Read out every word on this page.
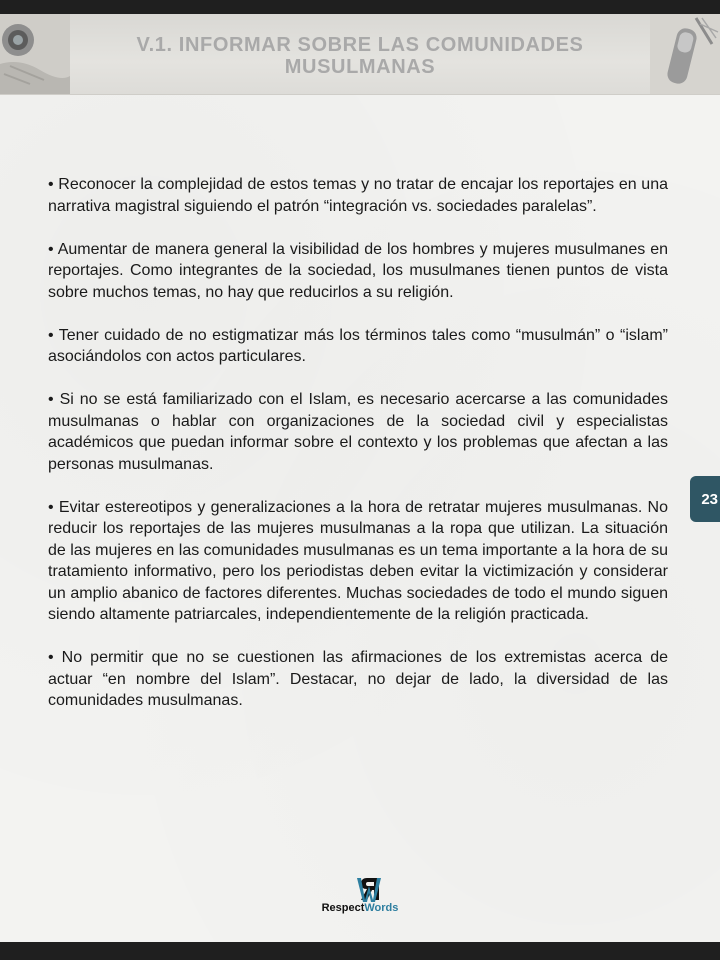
V.1. INFORMAR SOBRE LAS COMUNIDADES
MUSULMANAS

• Reconocer la complejidad de estos temas y no tratar de encajar los reportajes en una narrativa magistral siguiendo el patrón “integración vs. sociedades paralelas”.

• Aumentar de manera general la visibilidad de los hombres y mujeres musulmanes en reportajes. Como integrantes de la sociedad, los musulmanes tienen puntos de vista sobre muchos temas, no hay que reducirlos a su religión.

• Tener cuidado de no estigmatizar más los términos tales como “musulmán” o “islam” asociándolos con actos particulares.

• Si no se está familiarizado con el Islam, es necesario acercarse a las comunidades musulmanas o hablar con organizaciones de la sociedad civil y especialistas académicos que puedan informar sobre el contexto y los problemas que afectan a las personas musulmanas.

• Evitar estereotipos y generalizaciones a la hora de retratar mujeres musulmanas. No reducir los reportajes de las mujeres musulmanas a la ropa que utilizan. La situación de las mujeres en las comunidades musulmanas es un tema importante a la hora de su tratamiento informativo, pero los periodistas deben evitar la victimización y considerar un amplio abanico de factores diferentes. Muchas sociedades de todo el mundo siguen siendo altamente patriarcales, independientemente de la religión practicada.

• No permitir que no se cuestionen las afirmaciones de los extremistas acerca de actuar “en nombre del Islam”. Destacar, no dejar de lado, la diversidad de las comunidades musulmanas.

23
RespectWords
